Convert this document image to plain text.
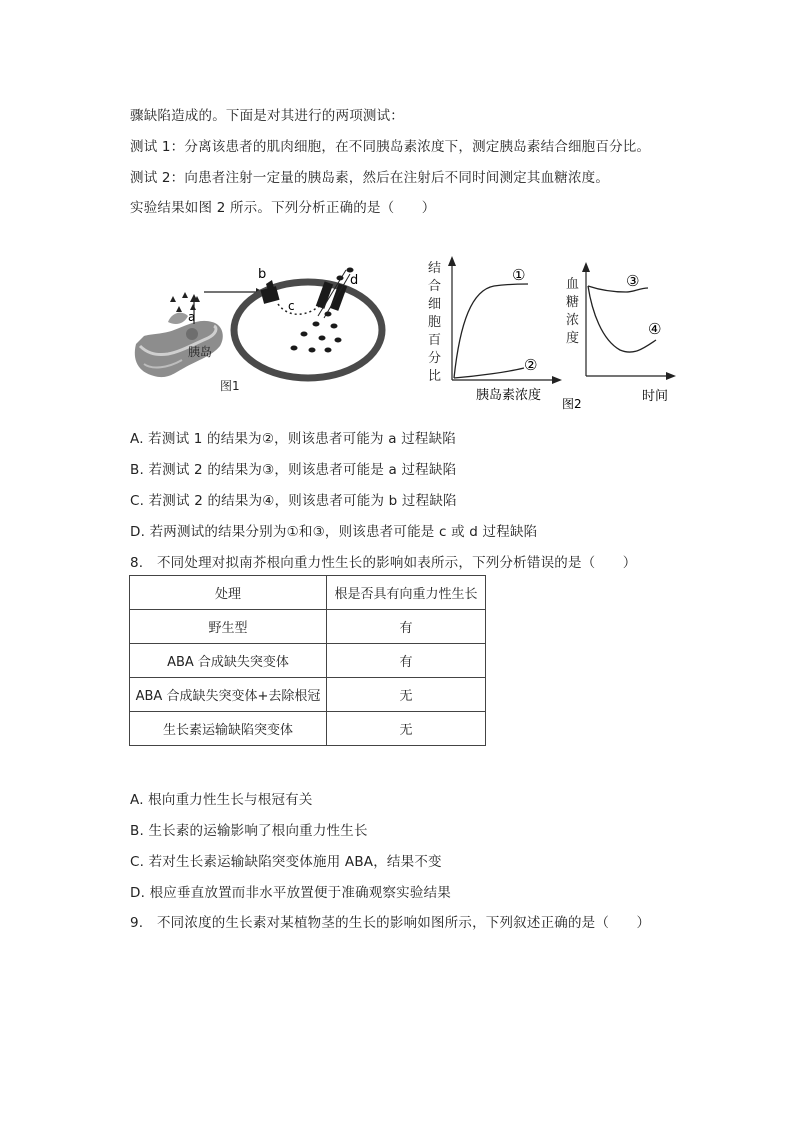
骤缺陷造成的。下面是对其进行的两项测试：
测试 1：分离该患者的肌肉细胞，在不同胰岛素浓度下，测定胰岛素结合细胞百分比。
测试 2：向患者注射一定量的胰岛素，然后在注射后不同时间测定其血糖浓度。
实验结果如图 2 所示。下列分析正确的是（　　）
a
胰岛
图1
b
c
d	①
②
结
合
细
胞
百
分
比
胰岛素浓度
③
④
血
糖
浓
度
图2	时间
A. 若测试 1 的结果为②，则该患者可能为 a 过程缺陷
B. 若测试 2 的结果为③，则该患者可能是 a 过程缺陷
C. 若测试 2 的结果为④，则该患者可能为 b 过程缺陷
D. 若两测试的结果分别为①和③，则该患者可能是 c 或 d 过程缺陷
8.　不同处理对拟南芥根向重力性生长的影响如表所示，下列分析错误的是（　　）
处理	根是否具有向重力性生长
野生型	有
ABA 合成缺失突变体	有
ABA 合成缺失突变体+去除根冠	无
生长素运输缺陷突变体	无
A. 根向重力性生长与根冠有关
B. 生长素的运输影响了根向重力性生长
C. 若对生长素运输缺陷突变体施用 ABA，结果不变
D. 根应垂直放置而非水平放置便于准确观察实验结果
9.　不同浓度的生长素对某植物茎的生长的影响如图所示，下列叙述正确的是（　　）
